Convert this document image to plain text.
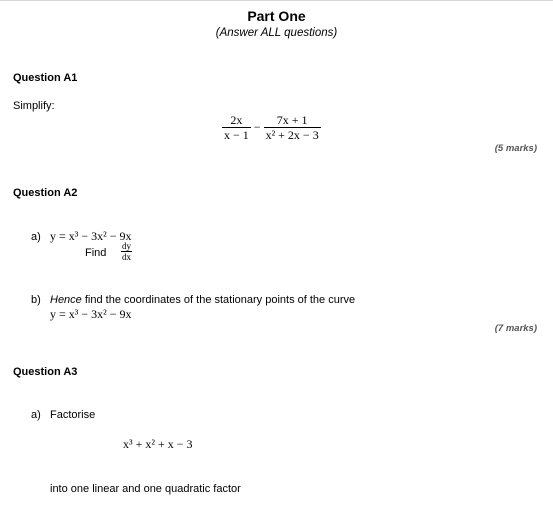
Part One
(Answer ALL questions)
Question A1
Simplify:
$\frac{2x}{x - 1} - \frac{7x + 1}{\text{x² + 2x − 3}}$
(5 marks)
Question A2
a) y = x³ − 3x² − 9x
Find $\frac{dy}{dx}$
b) Hence find the coordinates of the stationary points of the curve
y = x³ − 3x² − 9x
(7 marks)
Question A3
a) Factorise
x³ + x² + x − 3
into one linear and one quadratic factor
